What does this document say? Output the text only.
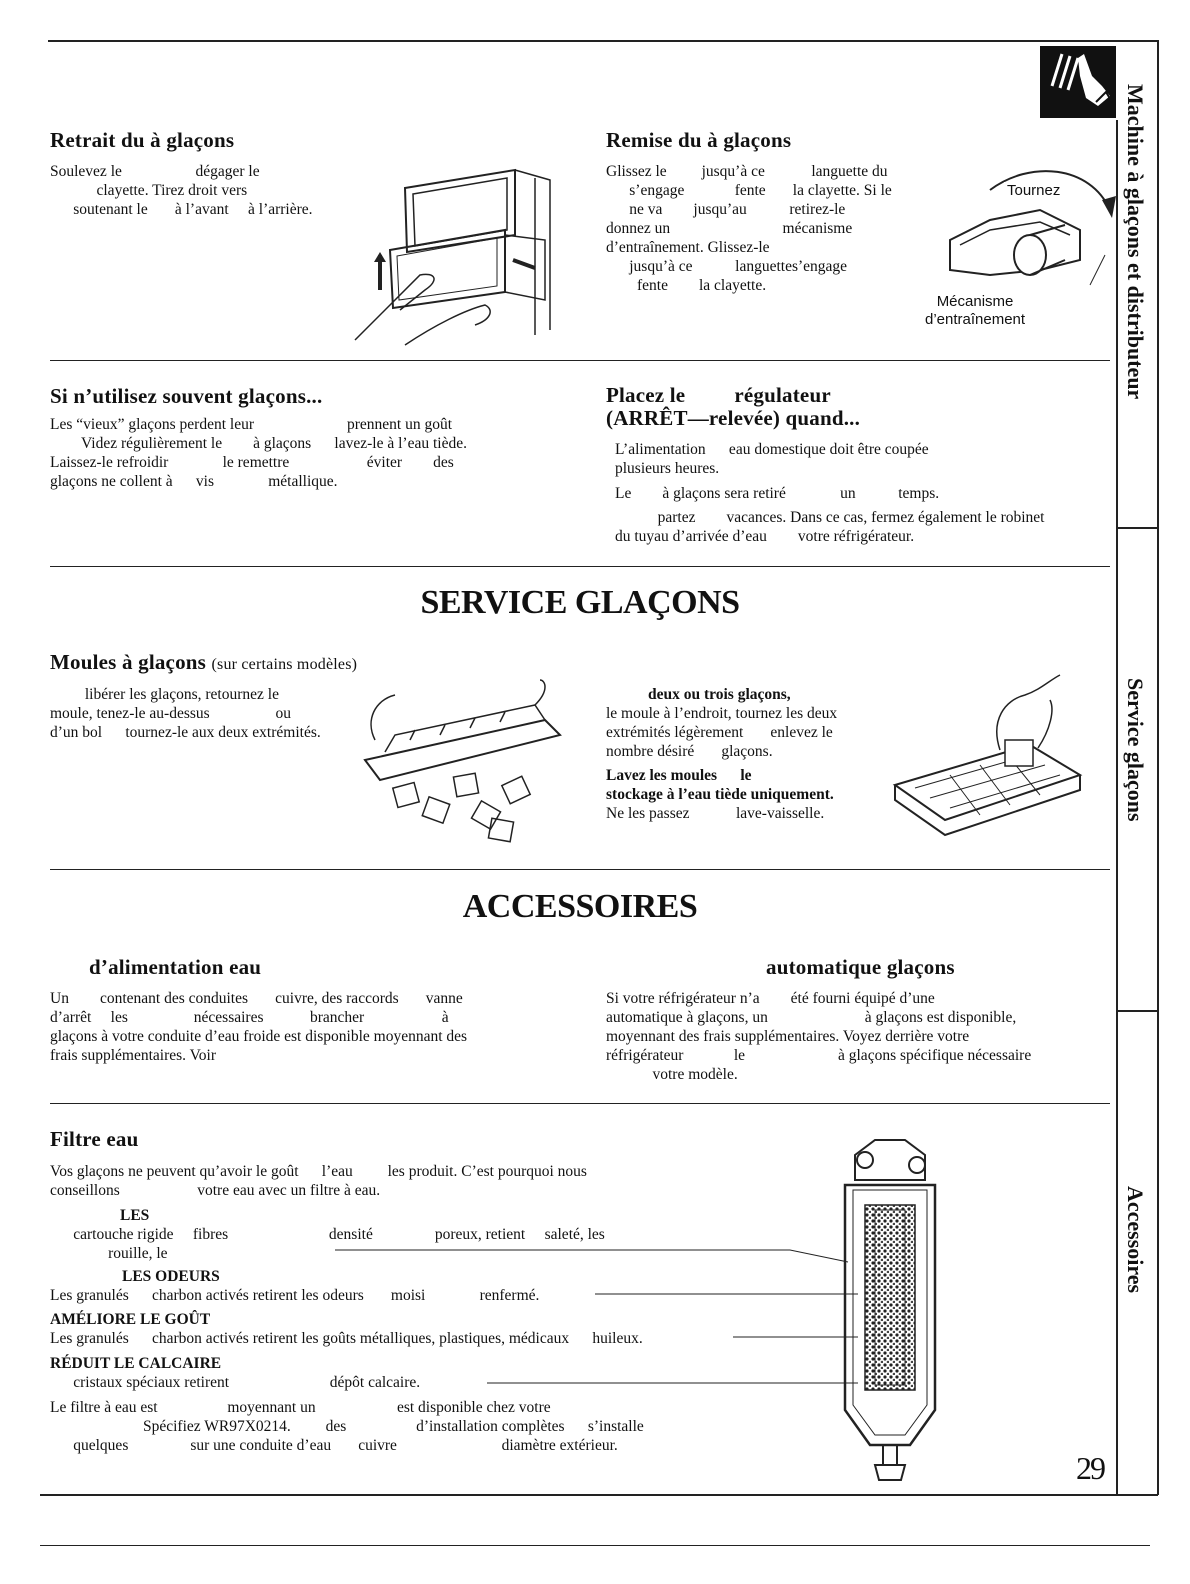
Machine à glaçons et distributeur
Service glaçons
Accessoires
Retrait du à glaçons

Soulevez le                   dégager le
clayette. Tirez droit vers
soutenant le       à l’avant     à l’arrière.

Remise du à glaçons

Glissez le         jusqu’à ce            languette du
s’engage             fente       la clayette. Si le
ne va        jusqu’au           retirez-le
donnez un                             mécanisme
d’entraînement. Glissez-le
jusqu’à ce           languettes’engage
fente        la clayette.

Tournez
Mécanisme
d’entraînement
Si n’utilisez souvent glaçons...

Les “vieux” glaçons perdent leur                        prennent un goût
Videz régulièrement le        à glaçons      lavez-le à l’eau tiède.
Laissez-le refroidir              le remettre                    éviter        des
glaçons ne collent à      vis              métallique.

Placez le         régulateur
(ARRÊT—relevée) quand...

L’alimentation      eau domestique doit être coupée
plusieurs heures.

Le        à glaçons sera retiré              un           temps.

partez        vacances. Dans ce cas, fermez également le robinet
du tuyau d’arrivée d’eau        votre réfrigérateur.

SERVICE GLAÇONS
Moules à glaçons (sur certains modèles)

libérer les glaçons, retournez le
moule, tenez-le au-dessus                 ou
d’un bol      tournez-le aux deux extrémités.

deux ou trois glaçons,

le moule à l’endroit, tournez les deux
extrémités légèrement       enlevez le
nombre désiré       glaçons.

Lavez les moules      le
stockage à l’eau tiède uniquement.

Ne les passez            lave-vaisselle.

ACCESSOIRES
d’alimentation eau

Un        contenant des conduites       cuivre, des raccords       vanne
d’arrêt     les                 nécessaires            brancher                    à
glaçons à votre conduite d’eau froide est disponible moyennant des
frais supplémentaires. Voir

automatique glaçons

Si votre réfrigérateur n’a        été fourni équipé d’une
automatique à glaçons, un                         à glaçons est disponible,
moyennant des frais supplémentaires. Voyez derrière votre
réfrigérateur             le                        à glaçons spécifique nécessaire
votre modèle.

Filtre eau

Vos glaçons ne peuvent qu’avoir le goût      l’eau         les produit. C’est pourquoi nous
conseillons                    votre eau avec un filtre à eau.

LES

cartouche rigide     fibres                          densité                poreux, retient     saleté, les
rouille, le

LES ODEURS

Les granulés      charbon activés retirent les odeurs       moisi              renfermé.

AMÉLIORE LE GOÛT

Les granulés      charbon activés retirent les goûts métalliques, plastiques, médicaux      huileux.

RÉDUIT LE CALCAIRE

cristaux spéciaux retirent                          dépôt calcaire.

Le filtre à eau est                  moyennant un                     est disponible chez votre
Spécifiez WR97X0214.         des                  d’installation complètes      s’installe
quelques                sur une conduite d’eau       cuivre                           diamètre extérieur.

29
